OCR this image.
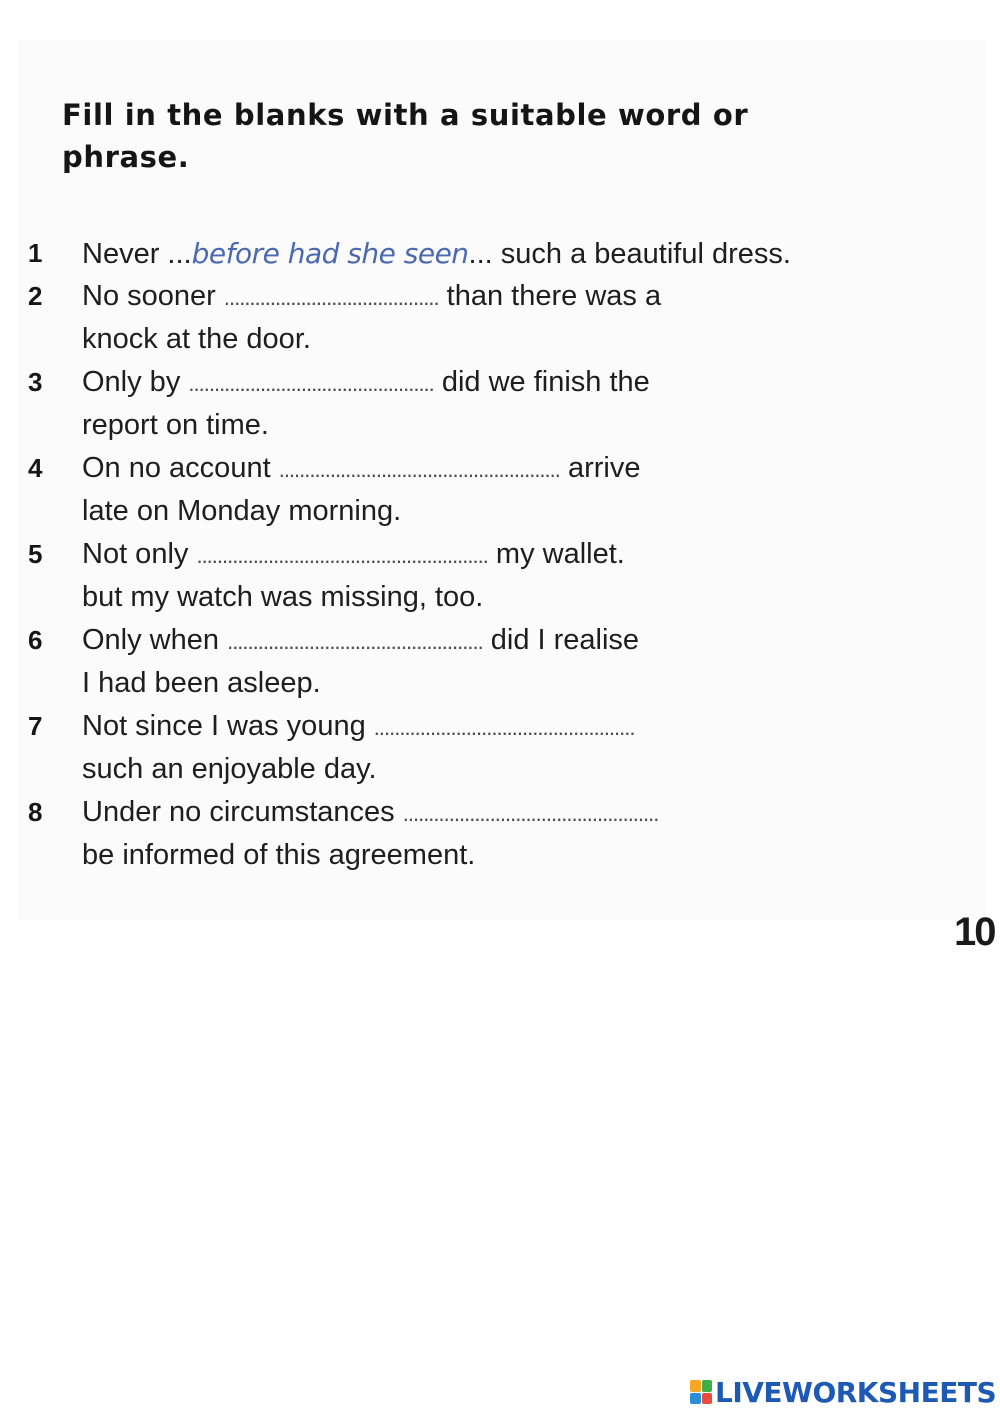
Fill in the blanks with a suitable word or phrase.
1	Never ...before had she seen... such a beautiful dress.
2	No sooner .......................................... than there was a
knock at the door.
3	Only by ................................................ did we finish the
report on time.
4	On no account ....................................................... arrive
late on Monday morning.
5	Not only ......................................................... my wallet.
but my watch was missing, too.
6	Only when .................................................. did I realise
I had been asleep.
7	Not since I was young ...................................................
such an enjoyable day.
8	Under no circumstances ..................................................
be informed of this agreement.
10
LIVEWORKSHEETS
